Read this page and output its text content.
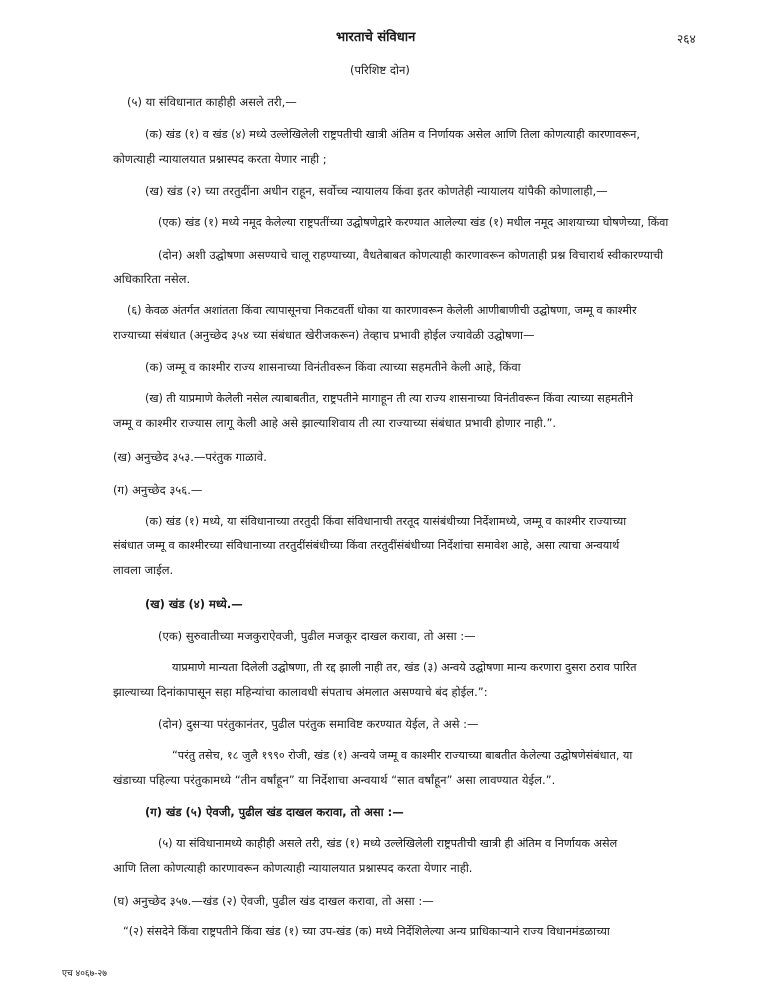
भारताचे संविधान	२६४
(परिशिष्ट दोन)
(५) या संविधानात काहीही असले तरी,—
(क) खंड (१) व खंड (४) मध्ये उल्लेखिलेली राष्ट्रपतीची खात्री अंतिम व निर्णायक असेल आणि तिला कोणत्याही कारणावरून,
कोणत्याही न्यायालयात प्रश्नास्पद करता येणार नाही ;
(ख) खंड (२) च्या तरतुदींना अधीन राहून, सर्वोच्च न्यायालय किंवा इतर कोणतेही न्यायालय यांपैकी कोणालाही,—
(एक) खंड (१) मध्ये नमूद केलेल्या राष्ट्रपतींच्या उद्घोषणेद्वारे करण्यात आलेल्या खंड (१) मधील नमूद आशयाच्या घोषणेच्या, किंवा
(दोन) अशी उद्घोषणा असण्याचे चालू राहण्याच्या, वैधतेबाबत कोणत्याही कारणावरून कोणताही प्रश्न विचारार्थ स्वीकारण्याची
अधिकारिता नसेल.
(६) केवळ अंतर्गत अशांतता किंवा त्यापासूनचा निकटवर्ती धोका या कारणावरून केलेली आणीबाणीची उद्घोषणा, जम्मू व काश्मीर
राज्याच्या संबंधात (अनुच्छेद ३५४ च्या संबंधात खेरीजकरून) तेव्हाच प्रभावी होईल ज्यावेळी उद्घोषणा—
(क) जम्मू व काश्मीर राज्य शासनाच्या विनंतीवरून किंवा त्याच्या सहमतीने केली आहे, किंवा
(ख) ती याप्रमाणे केलेली नसेल त्याबाबतीत, राष्ट्रपतीने मागाहून ती त्या राज्य शासनाच्या विनंतीवरून किंवा त्याच्या सहमतीने
जम्मू व काश्मीर राज्यास लागू केली आहे असे झाल्याशिवाय ती त्या राज्याच्या संबंधात प्रभावी होणार नाही.”.
(ख) अनुच्छेद ३५३.—परंतुक गाळावे.
(ग) अनुच्छेद ३५६.—
(क) खंड (१) मध्ये, या संविधानाच्या तरतुदी किंवा संविधानाची तरतूद यासंबंधीच्या निर्देशामध्ये, जम्मू व काश्मीर राज्याच्या
संबंधात जम्मू व काश्मीरच्या संविधानाच्या तरतुदींसंबंधीच्या किंवा तरतुदींसंबंधीच्या निर्देशांचा समावेश आहे, असा त्याचा अन्वयार्थ
लावला जाईल.
(ख) खंड (४) मध्ये.—
(एक) सुरुवातीच्या मजकुराऐवजी, पुढील मजकूर दाखल करावा, तो असा :—
याप्रमाणे मान्यता दिलेली उद्घोषणा, ती रद्द झाली नाही तर, खंड (३) अन्वये उद्घोषणा मान्य करणारा दुसरा ठराव पारित
झाल्याच्या दिनांकापासून सहा महिन्यांचा कालावधी संपताच अंमलात असण्याचे बंद होईल.”:
(दोन) दुसऱ्या परंतुकानंतर, पुढील परंतुक समाविष्ट करण्यात येईल, ते असे :—
“परंतु तसेच, १८ जुलै १९९० रोजी, खंड (१) अन्वये जम्मू व काश्मीर राज्याच्या बाबतीत केलेल्या उद्घोषणेसंबंधात, या
खंडाच्या पहिल्या परंतुकामध्ये “तीन वर्षांहून” या निर्देशाचा अन्वयार्थ “सात वर्षांहून” असा लावण्यात येईल.”.
(ग) खंड (५) ऐवजी, पुढील खंड दाखल करावा, तो असा :—
(५) या संविधानामध्ये काहीही असले तरी, खंड (१) मध्ये उल्लेखिलेली राष्ट्रपतीची खात्री ही अंतिम व निर्णायक असेल
आणि तिला कोणत्याही कारणावरून कोणत्याही न्यायालयात प्रश्नास्पद करता येणार नाही.
(घ) अनुच्छेद ३५७.—खंड (२) ऐवजी, पुढील खंड दाखल करावा, तो असा :—
“(२) संसदेने किंवा राष्ट्रपतीने किंवा खंड (१) च्या उप-खंड (क) मध्ये निर्देशिलेल्या अन्य प्राधिकाऱ्याने राज्य विधानमंडळाच्या
एच ४०६७-२७
